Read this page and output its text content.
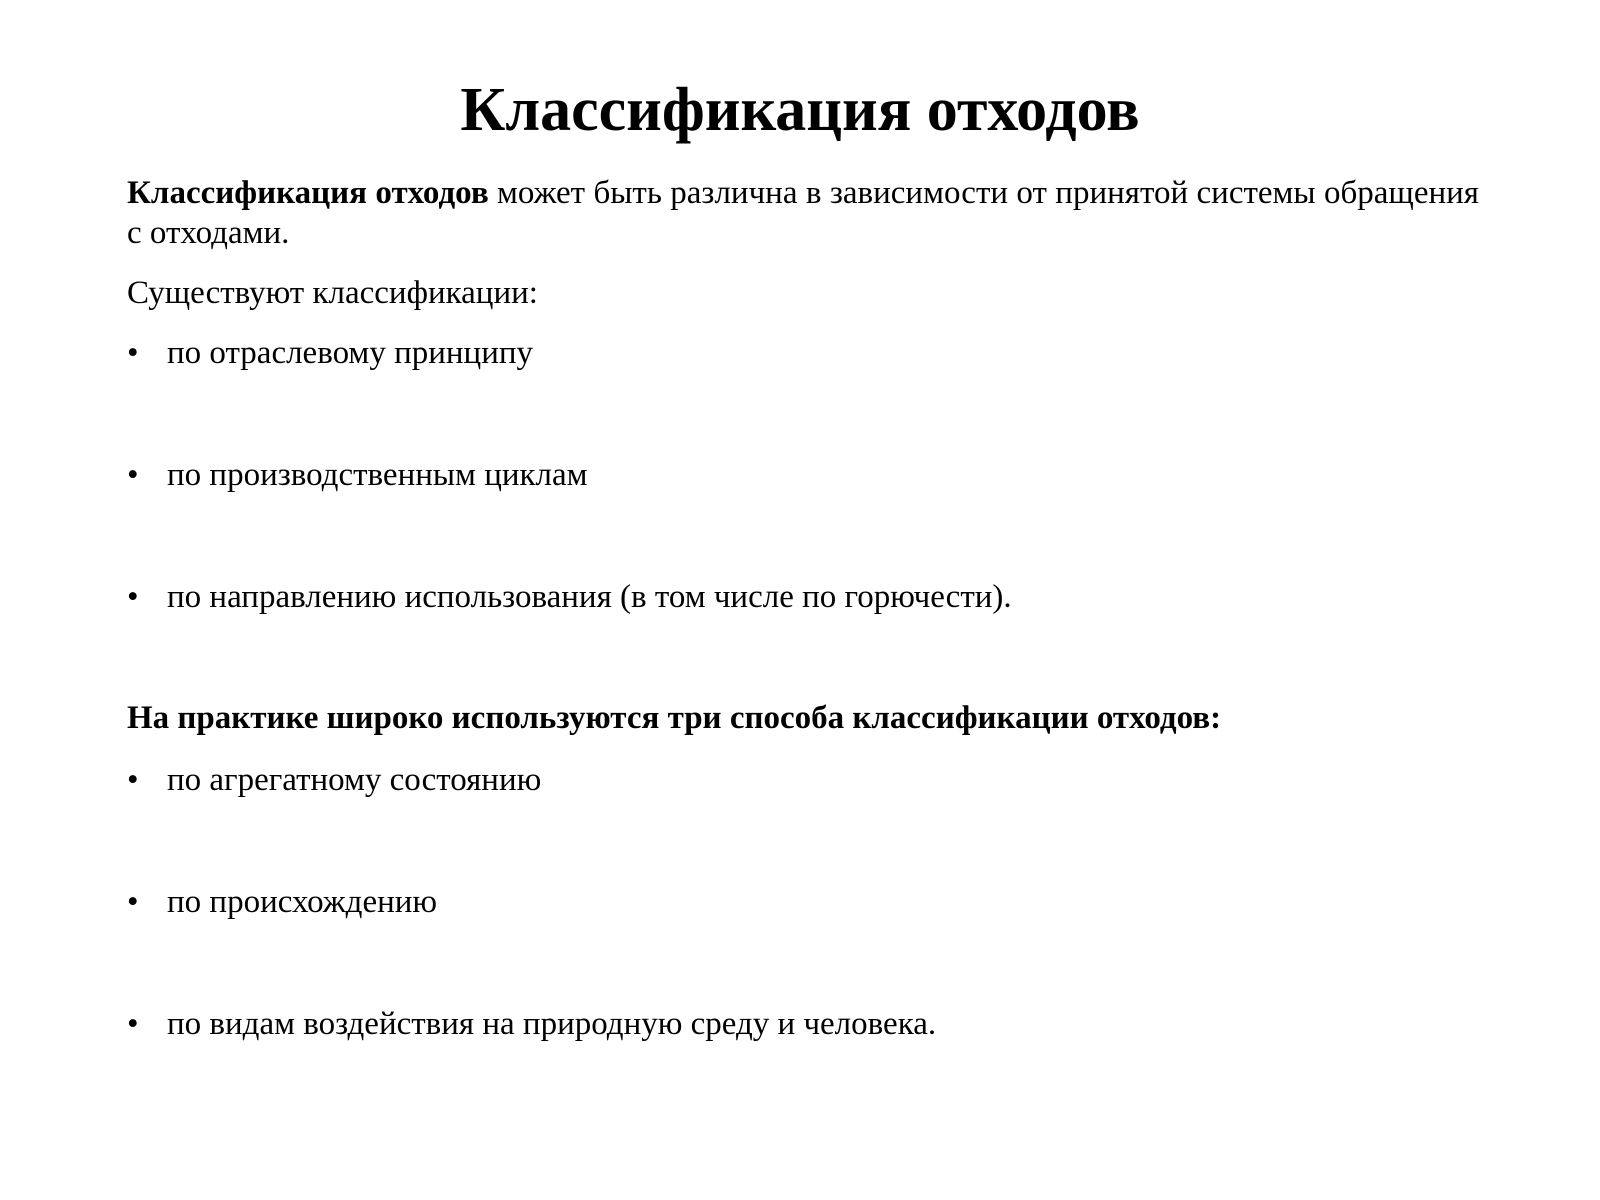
Классификация отходов

Классификация отходов может быть различна в зависимости от принятой системы обращения с отходами.

Существуют классификации:

• по отраслевому принципу
• по производственным циклам
• по направлению использования (в том числе по горючести).

На практике широко используются три способа классификации отходов:

• по агрегатному состоянию
• по происхождению
• по видам воздействия на природную среду и человека.
